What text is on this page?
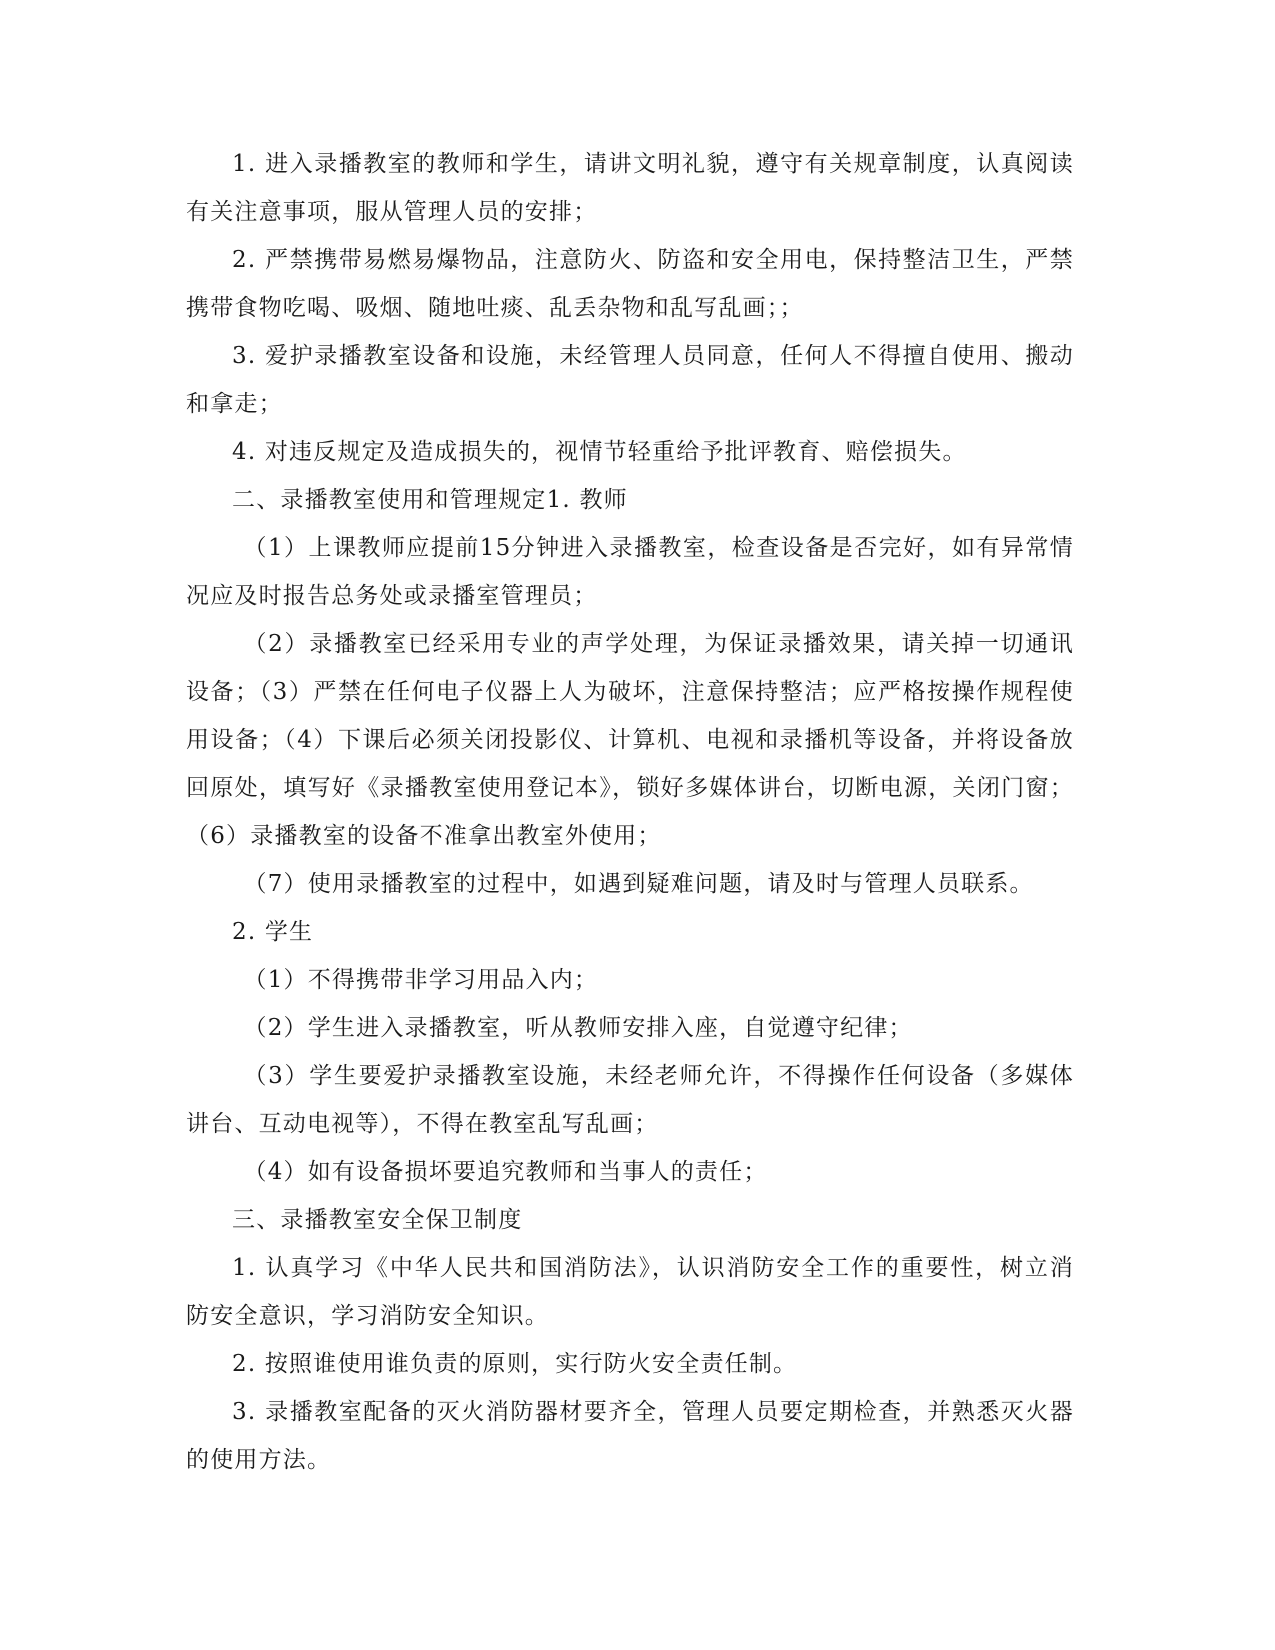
1. 进入录播教室的教师和学生，请讲文明礼貌，遵守有关规章制度，认真阅读有关注意事项，服从管理人员的安排；

2. 严禁携带易燃易爆物品，注意防火、防盗和安全用电，保持整洁卫生，严禁携带食物吃喝、吸烟、随地吐痰、乱丢杂物和乱写乱画；；

3. 爱护录播教室设备和设施，未经管理人员同意，任何人不得擅自使用、搬动和拿走；

4. 对违反规定及造成损失的，视情节轻重给予批评教育、赔偿损失。

二、录播教室使用和管理规定1. 教师

（1）上课教师应提前15分钟进入录播教室，检查设备是否完好，如有异常情况应及时报告总务处或录播室管理员；

（2）录播教室已经采用专业的声学处理，为保证录播效果，请关掉一切通讯设备；（3）严禁在任何电子仪器上人为破坏，注意保持整洁；应严格按操作规程使用设备；（4）下课后必须关闭投影仪、计算机、电视和录播机等设备，并将设备放回原处，填写好《录播教室使用登记本》，锁好多媒体讲台，切断电源，关闭门窗；（6）录播教室的设备不准拿出教室外使用；

（7）使用录播教室的过程中，如遇到疑难问题，请及时与管理人员联系。

2. 学生

（1）不得携带非学习用品入内；

（2）学生进入录播教室，听从教师安排入座，自觉遵守纪律；

（3）学生要爱护录播教室设施，未经老师允许，不得操作任何设备（多媒体讲台、互动电视等），不得在教室乱写乱画；

（4）如有设备损坏要追究教师和当事人的责任；

三、录播教室安全保卫制度

1. 认真学习《中华人民共和国消防法》，认识消防安全工作的重要性，树立消防安全意识，学习消防安全知识。

2. 按照谁使用谁负责的原则，实行防火安全责任制。

3. 录播教室配备的灭火消防器材要齐全，管理人员要定期检查，并熟悉灭火器的使用方法。
